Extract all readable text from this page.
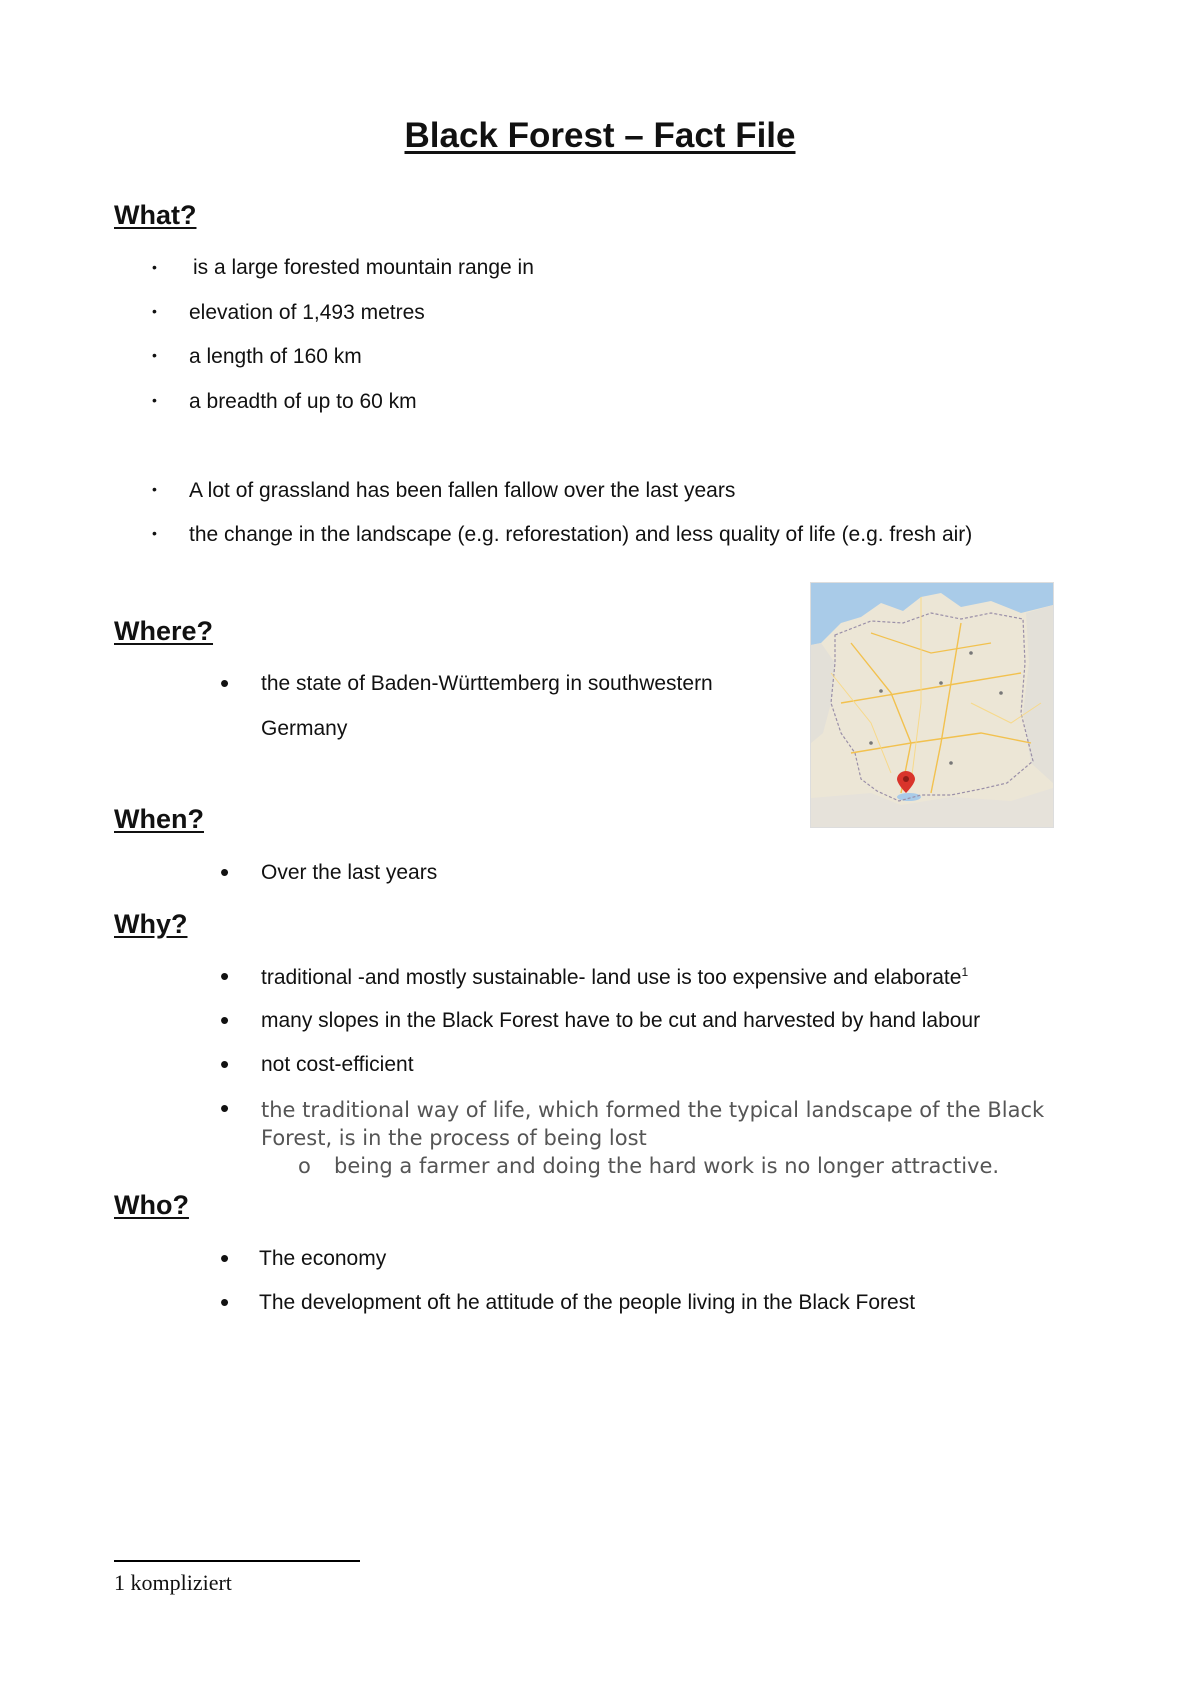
Black Forest – Fact File
What?
• is a large forested mountain range in
• elevation of 1,493 metres
• a length of 160 km
• a breadth of up to 60 km
• A lot of grassland has been fallen fallow over the last years
• the change in the landscape (e.g. reforestation) and less quality of life (e.g. fresh air)
Where?
• the state of Baden-Württemberg in southwestern
Germany
When?
• Over the last years
Why?
• traditional -and mostly sustainable- land use is too expensive and elaborate$^1$
• many slopes in the Black Forest have to be cut and harvested by hand labour
• not cost-efficient
• the traditional way of life, which formed the typical landscape of the Black
Forest, is in the process of being lost
o being a farmer and doing the hard work is no longer attractive.
Who?
• The economy
• The development oft he attitude of the people living in the Black Forest
1 kompliziert
